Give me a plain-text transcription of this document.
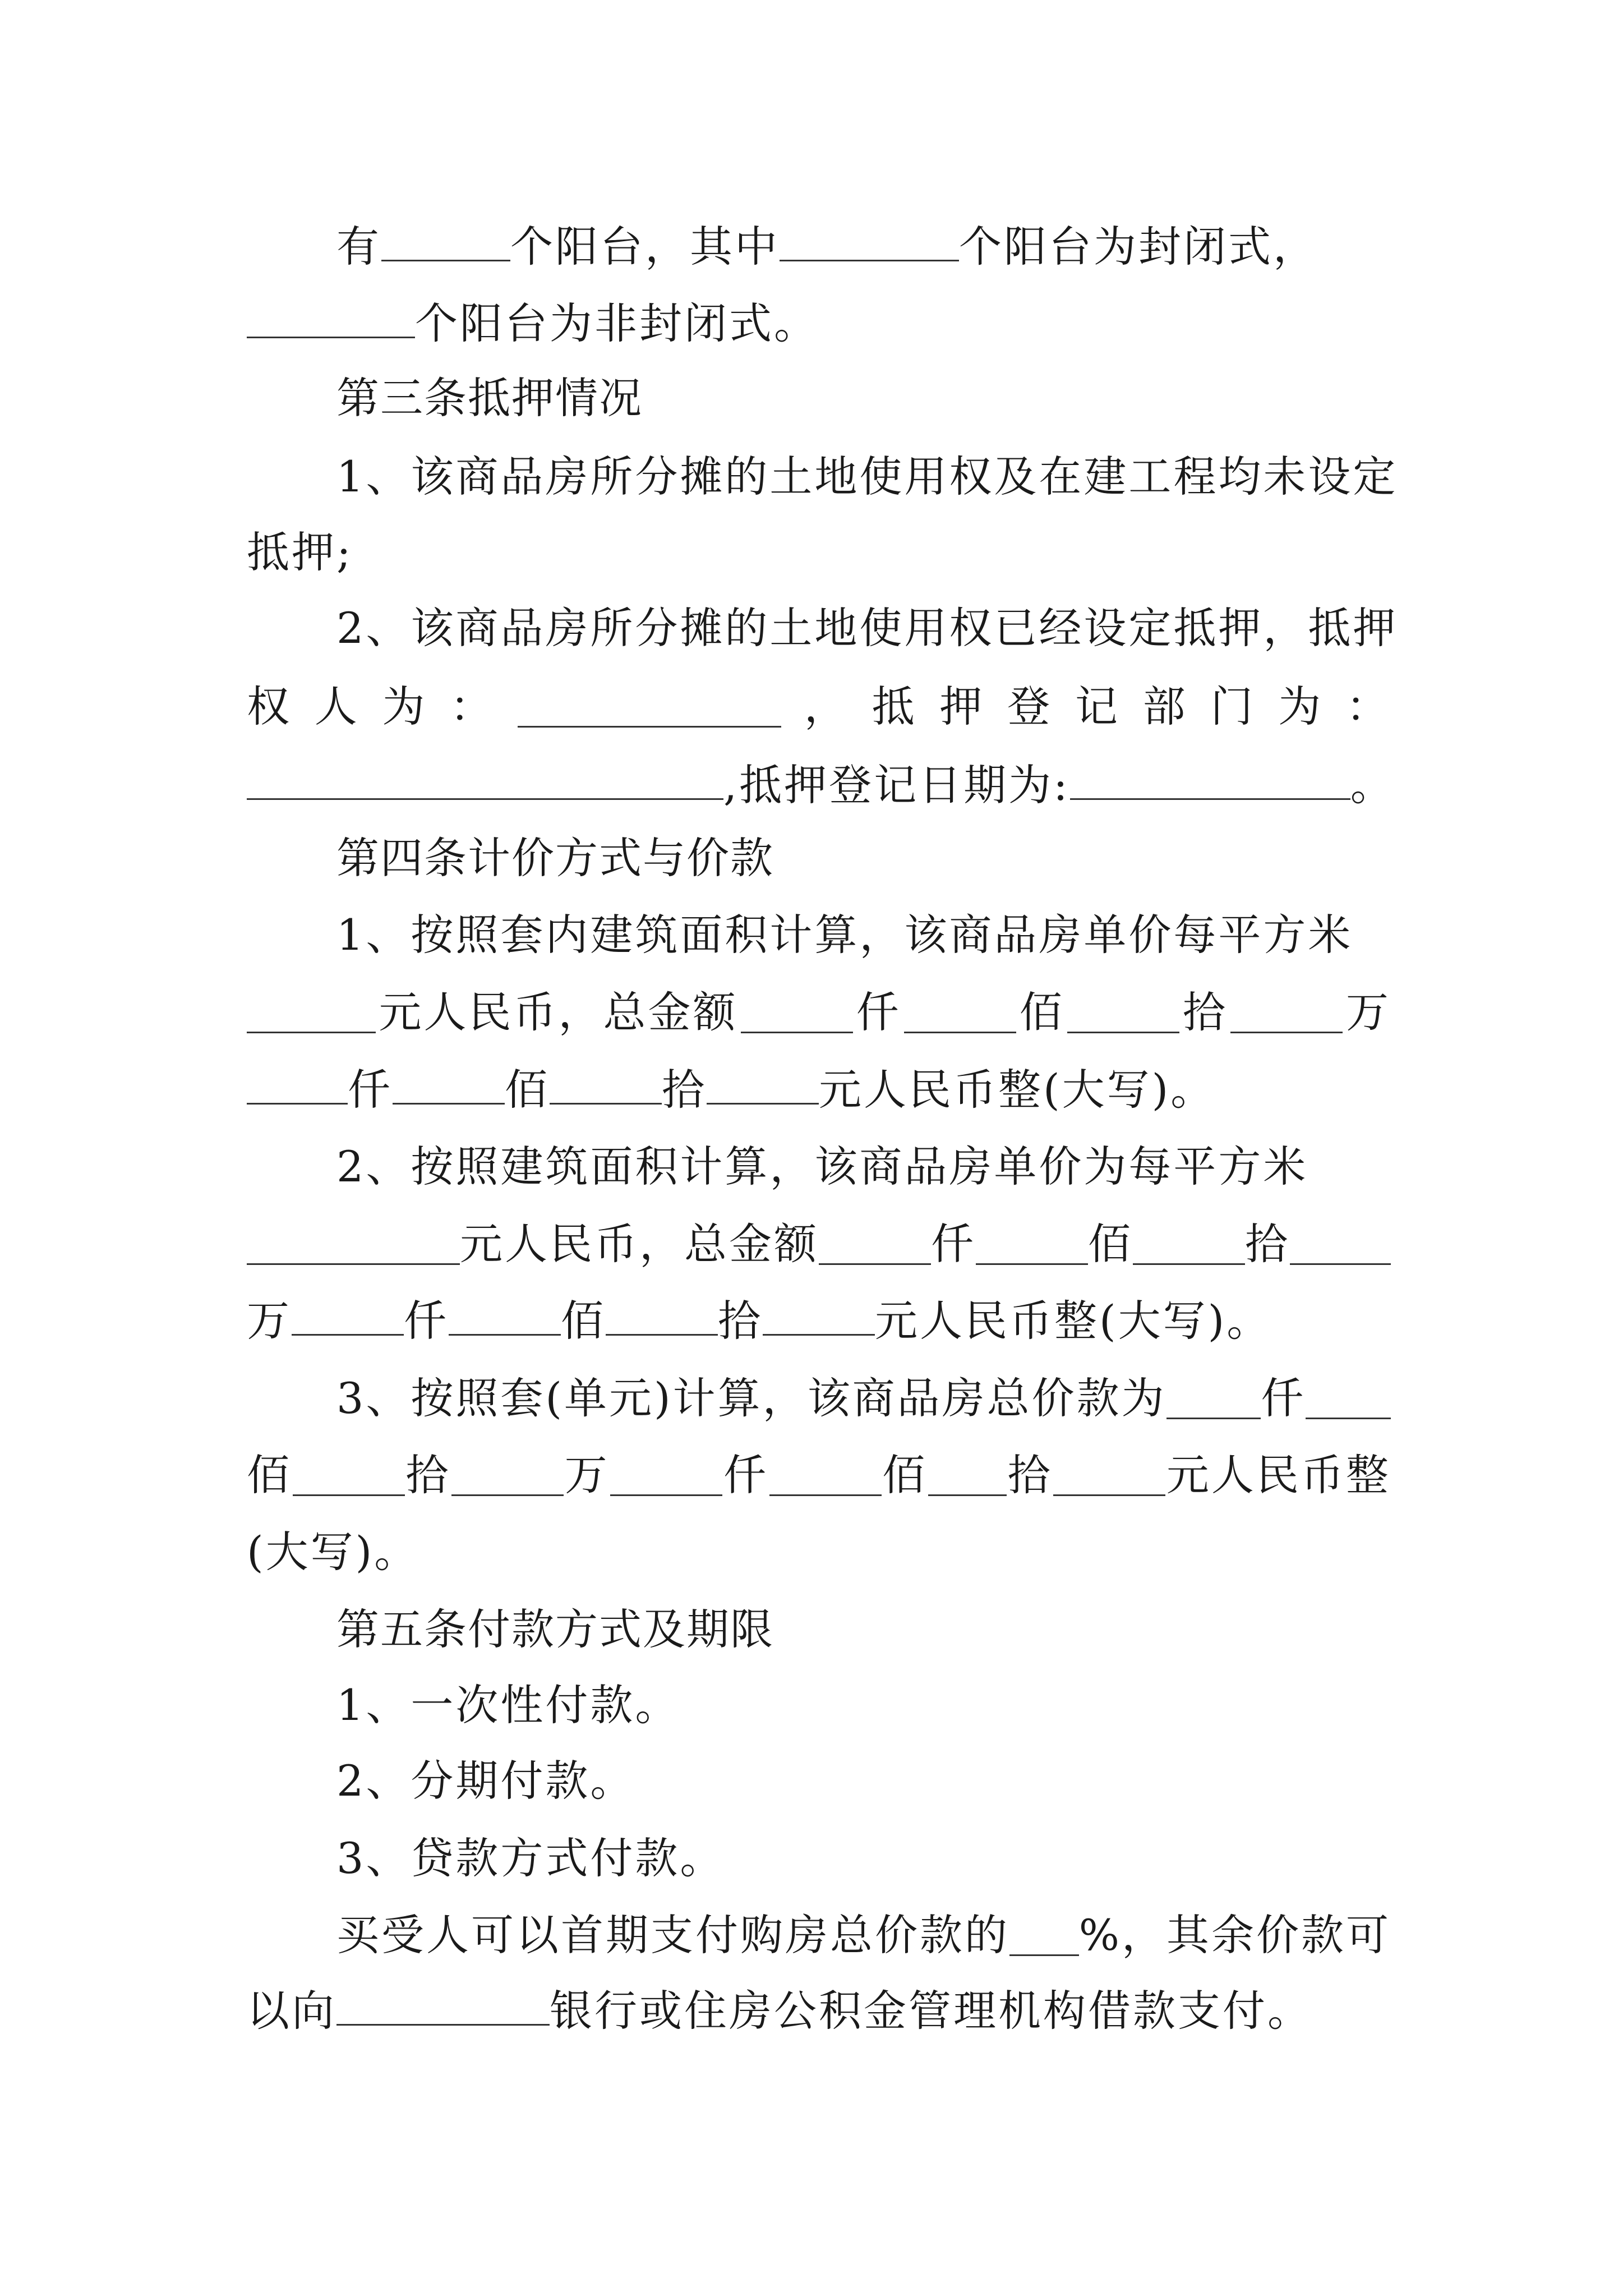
有	个阳台，其中	个阳台为封闭式，
个阳台为非封闭式。
第三条抵押情况
1、该商品房所分摊的土地使用权及在建工程均未设定
抵押;
2、该商品房所分摊的土地使用权已经设定抵押，抵押
权 人 为 ：	， 抵 押 登 记 部 门 为 ：
,抵押登记日期为:	。
第四条计价方式与价款
1、按照套内建筑面积计算，该商品房单价每平方米
元人民币，总金额	仟	佰	拾	万
仟	佰	拾	元人民币整(大写)。
2、按照建筑面积计算，该商品房单价为每平方米
元人民币，总金额	仟	佰	拾
万	仟	佰	拾	元人民币整(大写)。
3、按照套(单元)计算，该商品房总价款为 仟
佰	拾	万	仟	佰 拾	元人民币整
(大写)。
第五条付款方式及期限
1、一次性付款。
2、分期付款。
3、贷款方式付款。
买受人可以首期支付购房总价款的 %，其余价款可
以向	银行或住房公积金管理机构借款支付。
